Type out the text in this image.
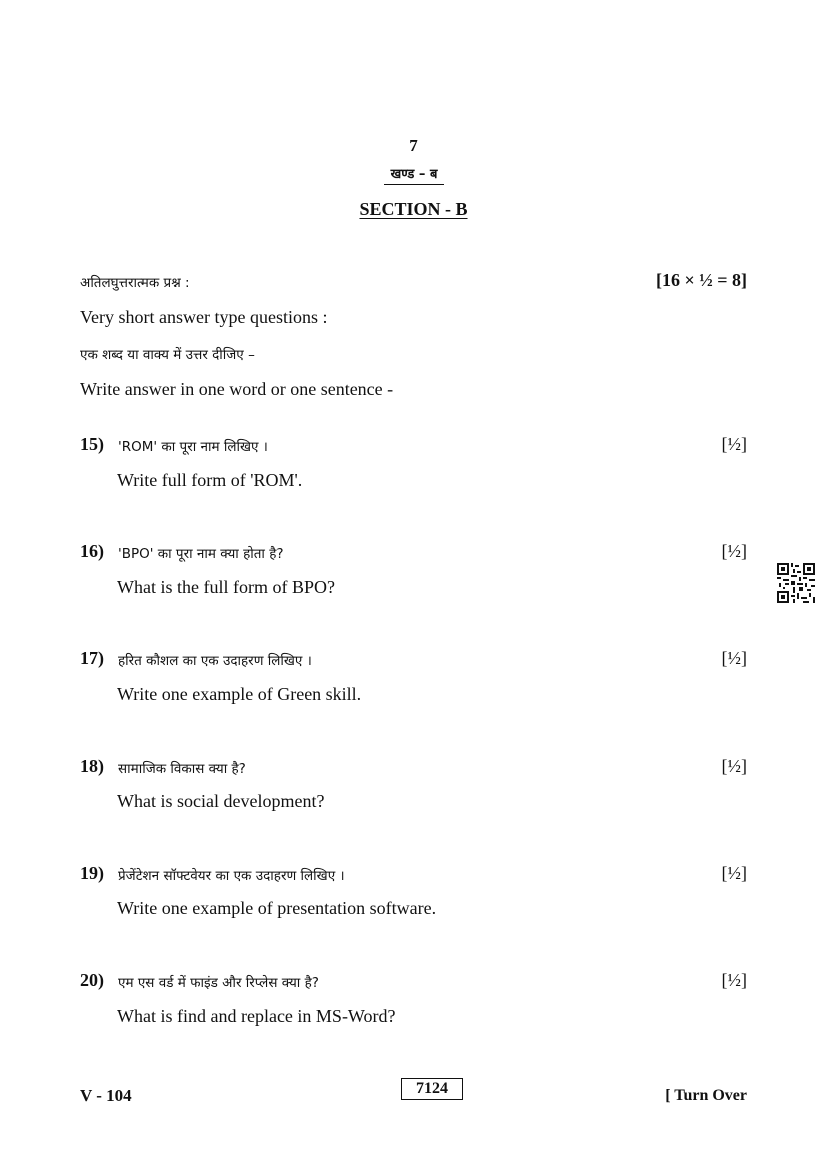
7
खण्ड – ब
SECTION - B
अतिलघुत्तरात्मक प्रश्न :	[16 × ½ = 8]
Very short answer type questions :
एक शब्द या वाक्य में उत्तर दीजिए –
Write answer in one word or one sentence -
15) 'ROM' का पूरा नाम लिखिए ।	[½]
Write full form of 'ROM'.
16) 'BPO' का पूरा नाम क्या होता है?	[½]
What is the full form of BPO?
17) हरित कौशल का एक उदाहरण लिखिए ।	[½]
Write one example of Green skill.
18) सामाजिक विकास क्या है?	[½]
What is social development?
19) प्रेजेंटेशन सॉफ्टवेयर का एक उदाहरण लिखिए ।	[½]
Write one example of presentation software.
20) एम एस वर्ड में फाइंड और रिप्लेस क्या है?	[½]
What is find and replace in MS-Word?
V - 104	7124	[ Turn Over
